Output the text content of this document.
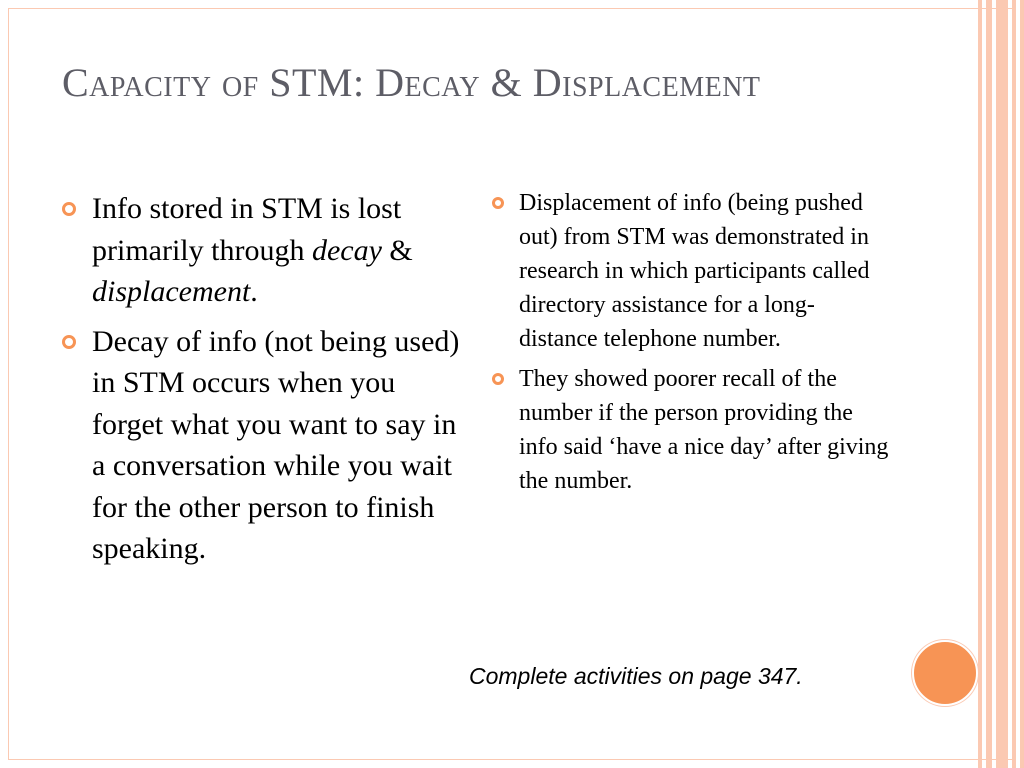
Capacity of STM: Decay & Displacement
Info stored in STM is lost primarily through decay & displacement.
Decay of info (not being used) in STM occurs when you forget what you want to say in a conversation while you wait for the other person to finish speaking.
Displacement of info (being pushed out) from STM was demonstrated in research in which participants called directory assistance for a long-distance telephone number.
They showed poorer recall of the number if the person providing the info said ‘have a nice day’ after giving the number.

Complete activities on page 347.
